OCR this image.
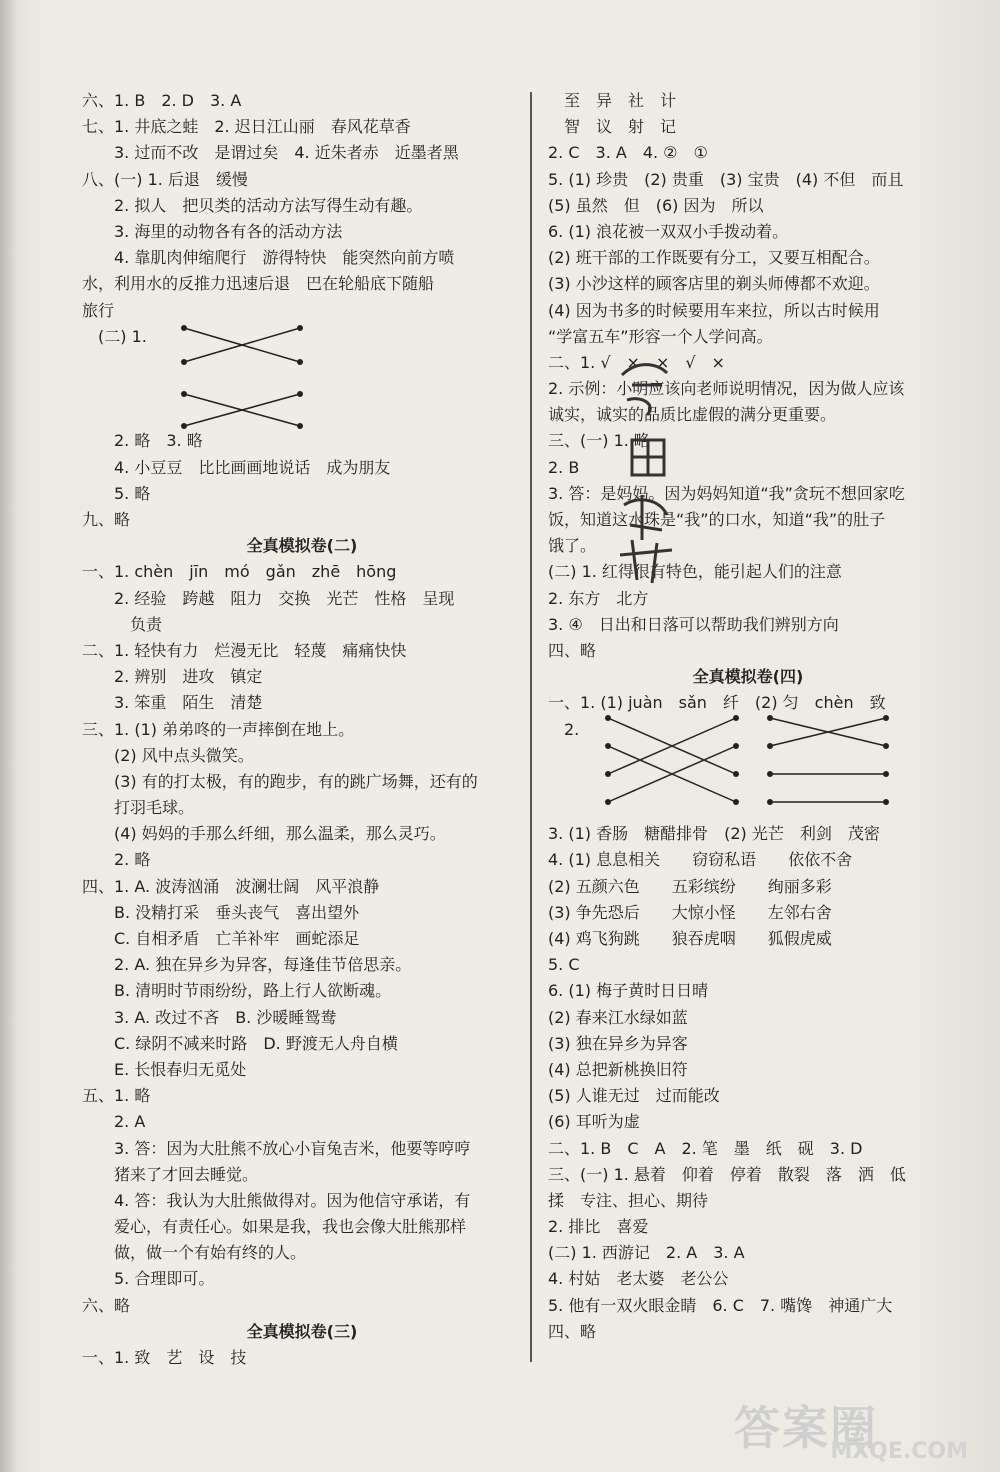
六、1. B　2. D　3. A
七、1. 井底之蛙　2. 迟日江山丽　春风花草香
　　3. 过而不改　是谓过矣　4. 近朱者赤　近墨者黑
八、(一) 1. 后退　缓慢
　　2. 拟人　把贝类的活动方法写得生动有趣。
　　3. 海里的动物各有各的活动方法
　　4. 靠肌肉伸缩爬行　游得特快　能突然向前方喷
水，利用水的反推力迅速后退　巴在轮船底下随船
旅行
　(二) 1.
　　2. 略　3. 略
　　4. 小豆豆　比比画画地说话　成为朋友
　　5. 略
九、略
全真模拟卷(二)
一、1. chèn　jīn　mó　gǎn　zhē　hōng
　　2. 经验　跨越　阻力　交换　光芒　性格　呈现
　　　负责
二、1. 轻快有力　烂漫无比　轻蔑　痛痛快快
　　2. 辨别　进攻　镇定
　　3. 笨重　陌生　清楚
三、1. (1) 弟弟咚的一声摔倒在地上。
　　(2) 风中点头微笑。
　　(3) 有的打太极，有的跑步，有的跳广场舞，还有的
　　打羽毛球。
　　(4) 妈妈的手那么纤细，那么温柔，那么灵巧。
　　2. 略
四、1. A. 波涛汹涌　波澜壮阔　风平浪静
　　B. 没精打采　垂头丧气　喜出望外
　　C. 自相矛盾　亡羊补牢　画蛇添足
　　2. A. 独在异乡为异客，每逢佳节倍思亲。
　　B. 清明时节雨纷纷，路上行人欲断魂。
　　3. A. 改过不吝　B. 沙暖睡鸳鸯
　　C. 绿阴不减来时路　D. 野渡无人舟自横
　　E. 长恨春归无觅处
五、1. 略
　　2. A
　　3. 答：因为大肚熊不放心小盲兔吉米，他要等哼哼
　　猪来了才回去睡觉。
　　4. 答：我认为大肚熊做得对。因为他信守承诺，有
　　爱心，有责任心。如果是我，我也会像大肚熊那样
　　做，做一个有始有终的人。
　　5. 合理即可。
六、略
全真模拟卷(三)
一、1. 致　艺　设　技
　至　异　社　计
　智　议　射　记
2. C　3. A　4. ②　①
5. (1) 珍贵　(2) 贵重　(3) 宝贵　(4) 不但　而且
(5) 虽然　但　(6) 因为　所以
6. (1) 浪花被一双双小手拨动着。
(2) 班干部的工作既要有分工，又要互相配合。
(3) 小沙这样的顾客店里的剃头师傅都不欢迎。
(4) 因为书多的时候要用车来拉，所以古时候用
“学富五车”形容一个人学问高。
二、1. √　×　×　√　×
2. 示例：小明应该向老师说明情况，因为做人应该
诚实，诚实的品质比虚假的满分更重要。
三、(一) 1. 略
2. B
3. 答：是妈妈。因为妈妈知道“我”贪玩不想回家吃
饭，知道这水珠是“我”的口水，知道“我”的肚子
饿了。
(二) 1. 红得很有特色，能引起人们的注意
2. 东方　北方
3. ④　日出和日落可以帮助我们辨别方向
四、略
全真模拟卷(四)
一、1. (1) juàn　sǎn　纤　(2) 匀　chèn　致
　2.
3. (1) 香肠　糖醋排骨　(2) 光芒　利剑　茂密
4. (1) 息息相关　　窃窃私语　　依依不舍
(2) 五颜六色　　五彩缤纷　　绚丽多彩
(3) 争先恐后　　大惊小怪　　左邻右舍
(4) 鸡飞狗跳　　狼吞虎咽　　狐假虎威
5. C
6. (1) 梅子黄时日日晴
(2) 春来江水绿如蓝
(3) 独在异乡为异客
(4) 总把新桃换旧符
(5) 人谁无过　过而能改
(6) 耳听为虚
二、1. B　C　A　2. 笔　墨　纸　砚　3. D
三、(一) 1. 悬着　仰着　停着　散裂　落　洒　低
揉　专注、担心、期待
2. 排比　喜爱
(二) 1. 西游记　2. A　3. A
4. 村姑　老太婆　老公公
5. 他有一双火眼金睛　6. C　7. 嘴馋　神通广大
四、略
答案圈
MXQE.COM
